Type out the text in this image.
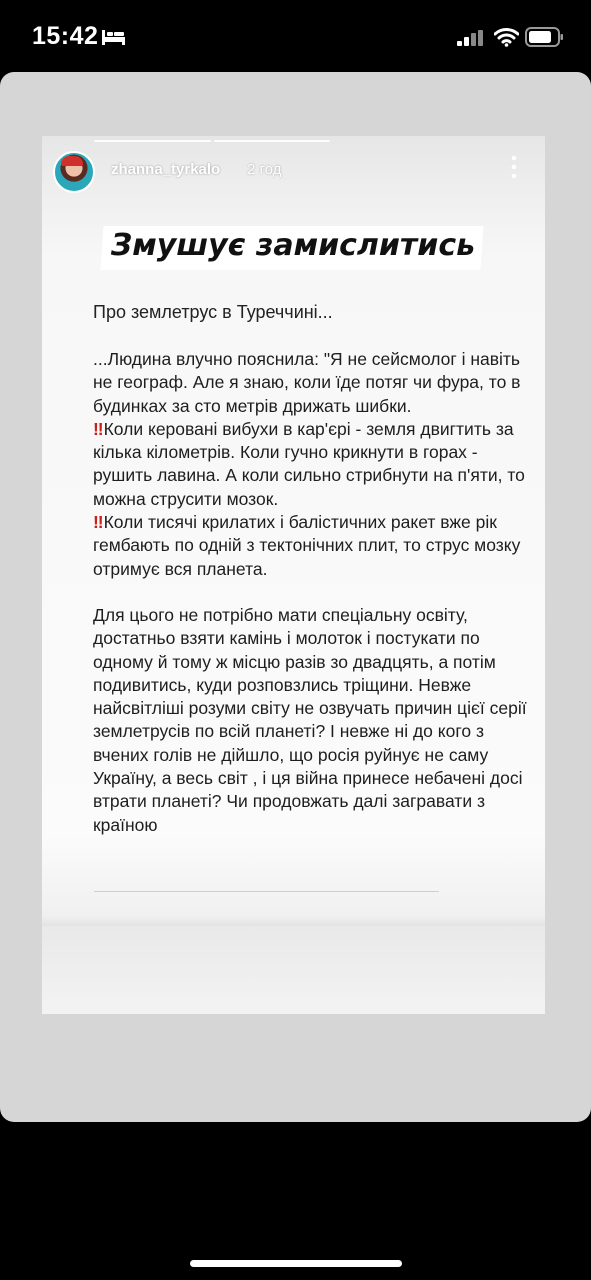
15:42
zhanna_tyrkalo 2 год
Змушує замислитись
Про землетрус в Туреччині...

...Людина влучно пояснила: "Я не сейсмолог і навіть не географ. Але я знаю, коли їде потяг чи фура, то в будинках за сто метрів дрижать шибки.

‼ Коли керовані вибухи в кар'єрі - земля двигтить за кілька кілометрів. Коли гучно крикнути в горах - рушить лавина. А коли сильно стрибнути на п'яти, то можна струсити мозок.

‼ Коли тисячі крилатих і балістичних ракет вже рік гембають по одній з тектонічних плит, то струс мозку отримує вся планета.

Для цього не потрібно мати спеціальну освіту, достатньо взяти камінь і молоток і постукати по одному й тому ж місцю разів зо двадцять, а потім подивитись, куди розповзлись тріщини. Невже найсвітліші розуми світу не озвучать причин цієї серії землетрусів по всій планеті? І невже ні до кого з вчених голів не дійшло, що росія руйнує не саму Україну, а весь світ , і ця війна принесе небачені досі втрати планеті? Чи продовжать далі загравати з країною
